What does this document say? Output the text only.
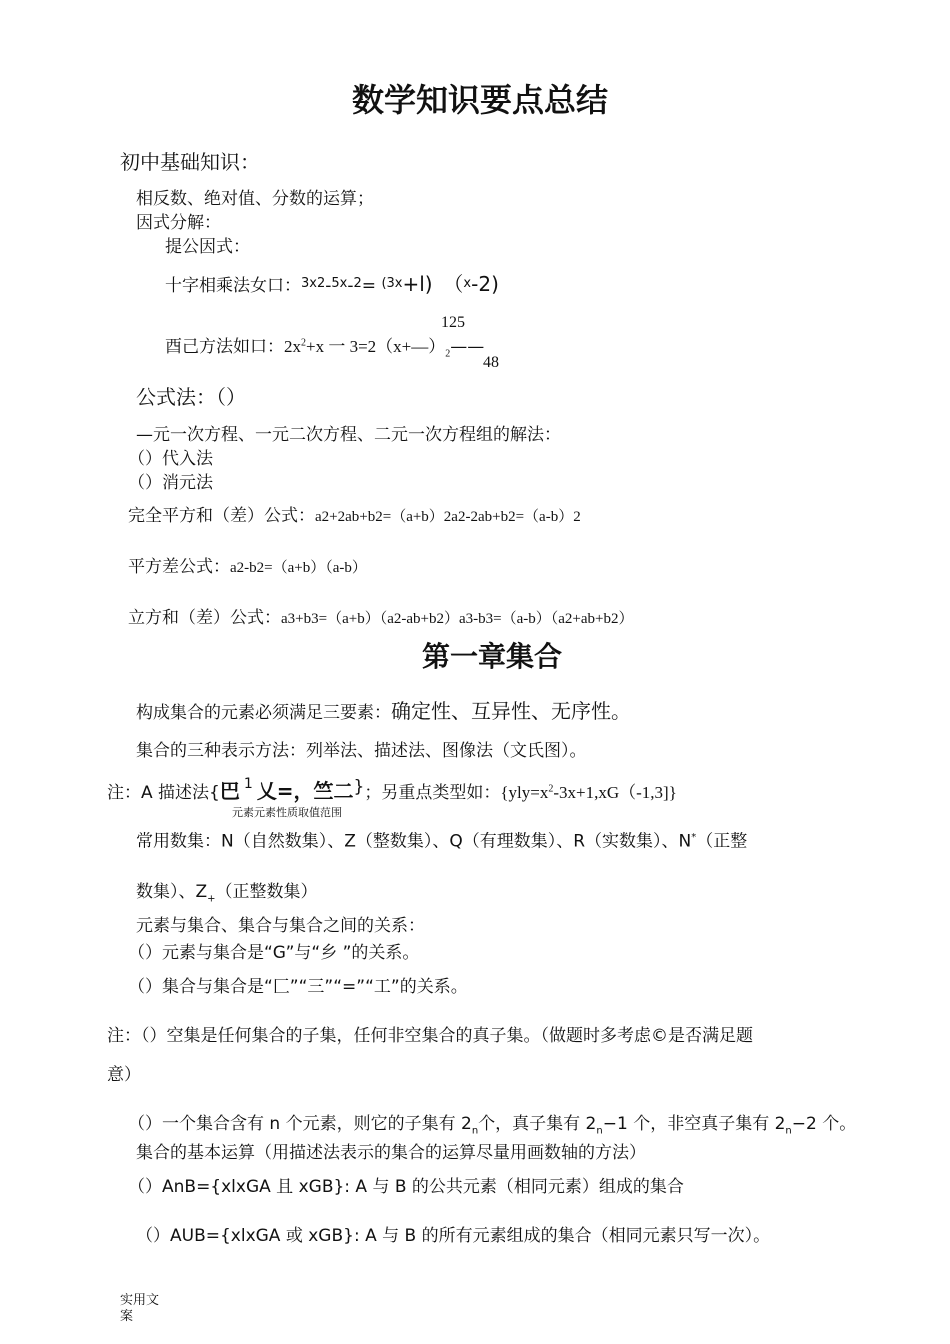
数学知识要点总结
初中基础知识：
相反数、绝对值、分数的运算；
因式分解：
提公因式：
十字相乘法女口：$^{3x2}$-$^{5x}$-$^2$= $^{(3x}$+l) （$^x$-2)
125
酉己方法如口：$2x^2+x$ 一 $3=2(x+—)_2——$
48
公式法：（）
—元一次方程、一元二次方程、二元一次方程组的解法：
（）代入法
（）消元法
完全平方和（差）公式：a2+2ab+b2=（a+b）2a2-2ab+b2=（a-b）2
平方差公式：a2-b2=（a+b）（a-b）
立方和（差）公式：a3+b3=（a+b）（a2-ab+b2）a3-b3=（a-b）（a2+ab+b2）
第一章集合
构成集合的元素必须满足三要素：确定性、互异性、无序性。
集合的三种表示方法：列举法、描述法、图像法（文氏图）。
注：A 描述法{巴 $^1$ 乂=，竺二}；另重点类型如：$\{yly=x^2-3x+1,xG(-1,3]\}$
元素元素性质取值范围
常用数集：N（自然数集）、Z（整数集）、Q（有理数集）、R（实数集）、N*（正整
数集）、$Z_+$（正整数集）
元素与集合、集合与集合之间的关系：
（）元素与集合是“G”与“乡 ”的关系。
（）集合与集合是“匚”“三”“=”“工”的关系。
注：（）空集是任何集合的子集，任何非空集合的真子集。（做题时多考虑©是否满足题
意）
（）一个集合含有 n 个元素，则它的子集有 $2_n$个，真子集有 $2_n-1$ 个，非空真子集有 $2_n-2$ 个。
集合的基本运算（用描述法表示的集合的运算尽量用画数轴的方法）
（）AnB={xlxGA 且 xGB}: A 与 B 的公共元素（相同元素）组成的集合
（）AUB={xlxGA 或 xGB}: A 与 B 的所有元素组成的集合（相同元素只写一次）。
实用文
案
